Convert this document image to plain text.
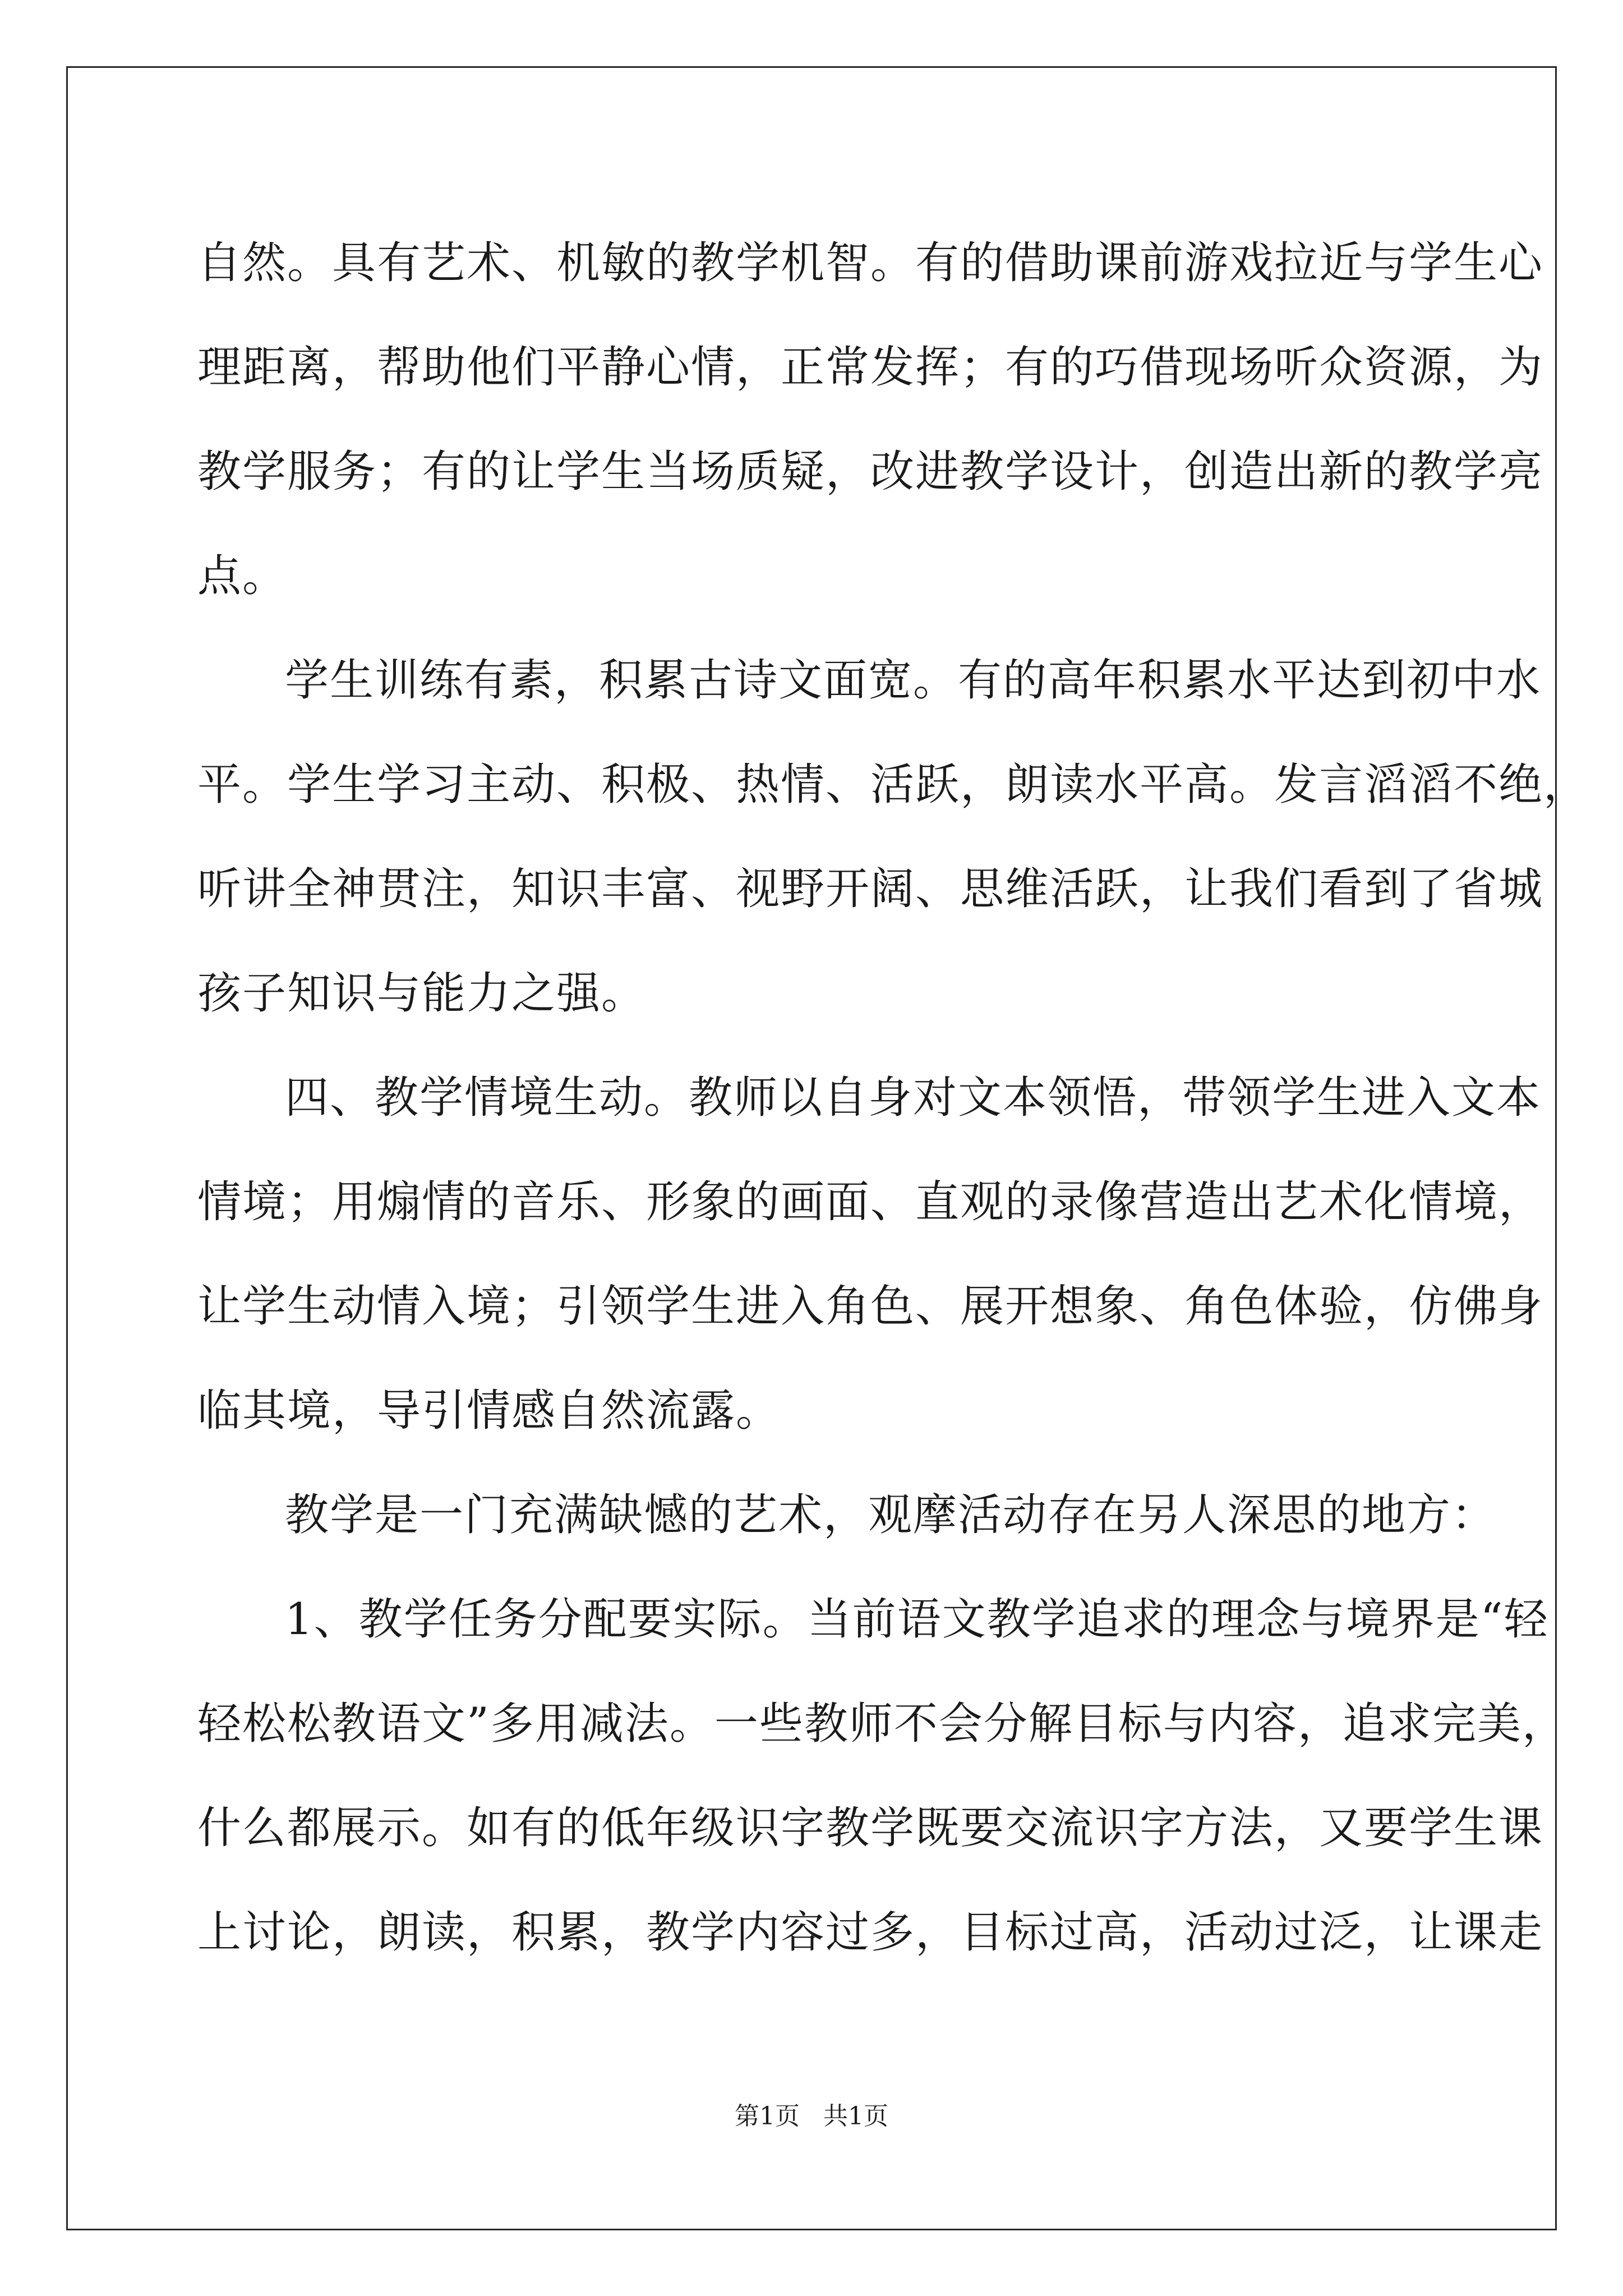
自然。具有艺术、机敏的教学机智。有的借助课前游戏拉近与学生心
理距离，帮助他们平静心情，正常发挥；有的巧借现场听众资源，为
教学服务；有的让学生当场质疑，改进教学设计，创造出新的教学亮
点。
学生训练有素，积累古诗文面宽。有的高年积累水平达到初中水
平。学生学习主动、积极、热情、活跃，朗读水平高。发言滔滔不绝，
听讲全神贯注，知识丰富、视野开阔、思维活跃，让我们看到了省城
孩子知识与能力之强。
四、教学情境生动。教师以自身对文本领悟，带领学生进入文本
情境；用煽情的音乐、形象的画面、直观的录像营造出艺术化情境，
让学生动情入境；引领学生进入角色、展开想象、角色体验，仿佛身
临其境，导引情感自然流露。
教学是一门充满缺憾的艺术，观摩活动存在另人深思的地方：
1、教学任务分配要实际。当前语文教学追求的理念与境界是“轻
轻松松教语文”多用减法。一些教师不会分解目标与内容，追求完美，
什么都展示。如有的低年级识字教学既要交流识字方法，又要学生课
上讨论，朗读，积累，教学内容过多，目标过高，活动过泛，让课走
第1页 共1页
